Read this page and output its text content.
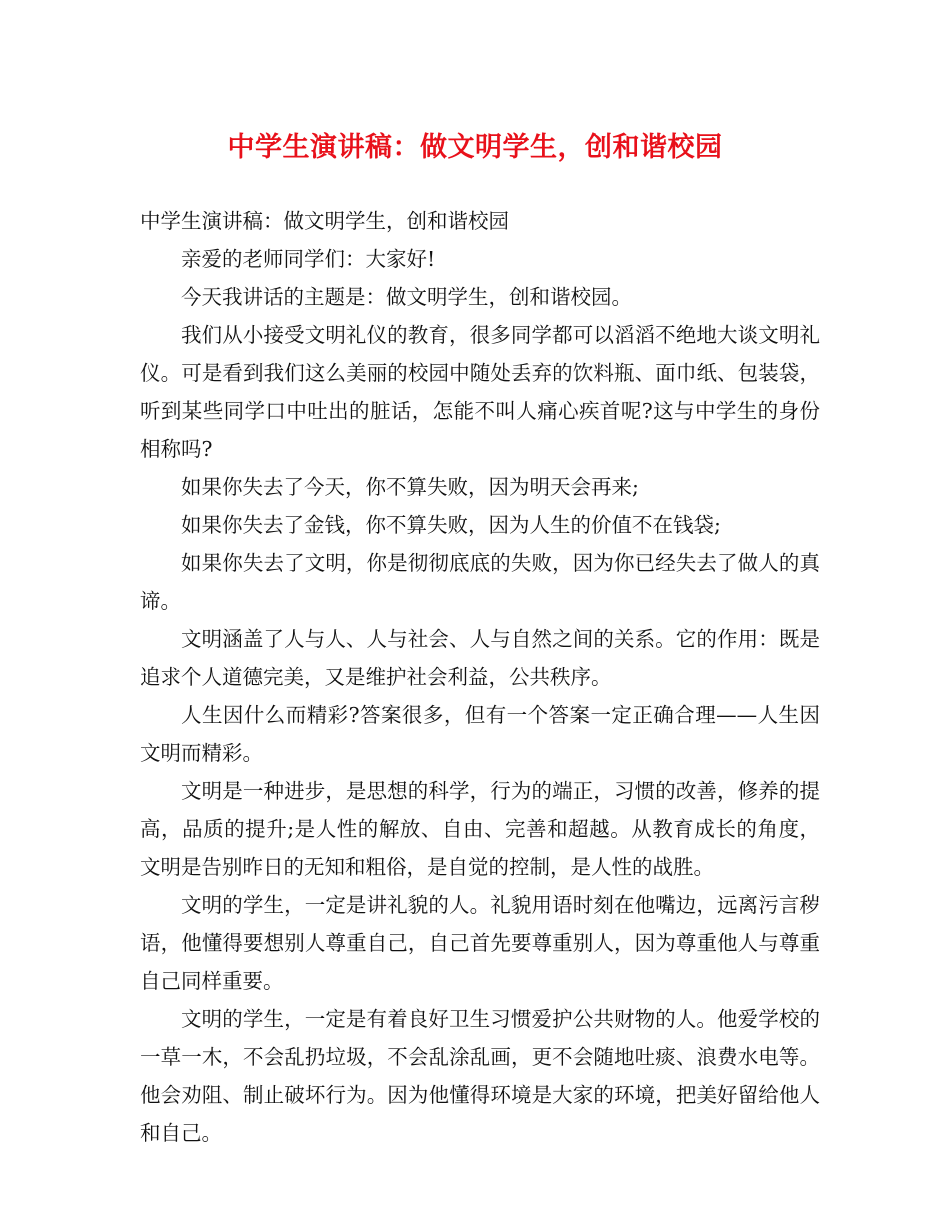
中学生演讲稿：做文明学生，创和谐校园

中学生演讲稿：做文明学生，创和谐校园

亲爱的老师同学们：大家好!

今天我讲话的主题是：做文明学生，创和谐校园。

我们从小接受文明礼仪的教育，很多同学都可以滔滔不绝地大谈文明礼仪。可是看到我们这么美丽的校园中随处丢弃的饮料瓶、面巾纸、包装袋，听到某些同学口中吐出的脏话，怎能不叫人痛心疾首呢?这与中学生的身份相称吗?

如果你失去了今天，你不算失败，因为明天会再来;

如果你失去了金钱，你不算失败，因为人生的价值不在钱袋;

如果你失去了文明，你是彻彻底底的失败，因为你已经失去了做人的真谛。

文明涵盖了人与人、人与社会、人与自然之间的关系。它的作用：既是追求个人道德完美，又是维护社会利益，公共秩序。

人生因什么而精彩?答案很多，但有一个答案一定正确合理——人生因文明而精彩。

文明是一种进步，是思想的科学，行为的端正，习惯的改善，修养的提高，品质的提升;是人性的解放、自由、完善和超越。从教育成长的角度，文明是告别昨日的无知和粗俗，是自觉的控制，是人性的战胜。

文明的学生，一定是讲礼貌的人。礼貌用语时刻在他嘴边，远离污言秽语，他懂得要想别人尊重自己，自己首先要尊重别人，因为尊重他人与尊重自己同样重要。

文明的学生，一定是有着良好卫生习惯爱护公共财物的人。他爱学校的一草一木，不会乱扔垃圾，不会乱涂乱画，更不会随地吐痰、浪费水电等。他会劝阻、制止破坏行为。因为他懂得环境是大家的环境，把美好留给他人和自己。
